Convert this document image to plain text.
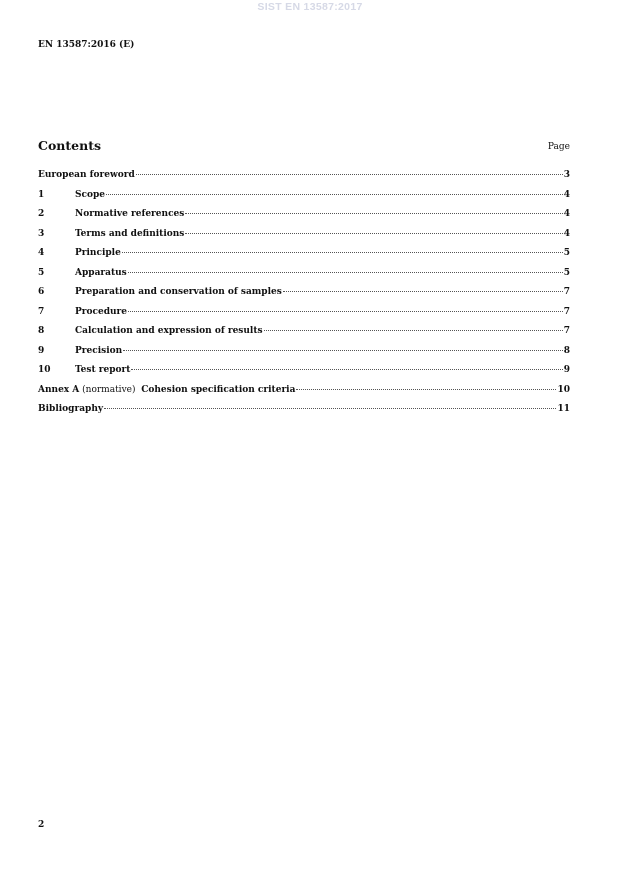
SIST EN 13587:2017
EN 13587:2016 (E)
Contents	Page
European foreword	3
1	Scope	4
2	Normative references	4
3	Terms and definitions	4
4	Principle	5
5	Apparatus	5
6	Preparation and conservation of samples	7
7	Procedure	7
8	Calculation and expression of results	7
9	Precision	8
10	Test report	9
Annex A (normative)  Cohesion specification criteria	10
Bibliography	11
2
